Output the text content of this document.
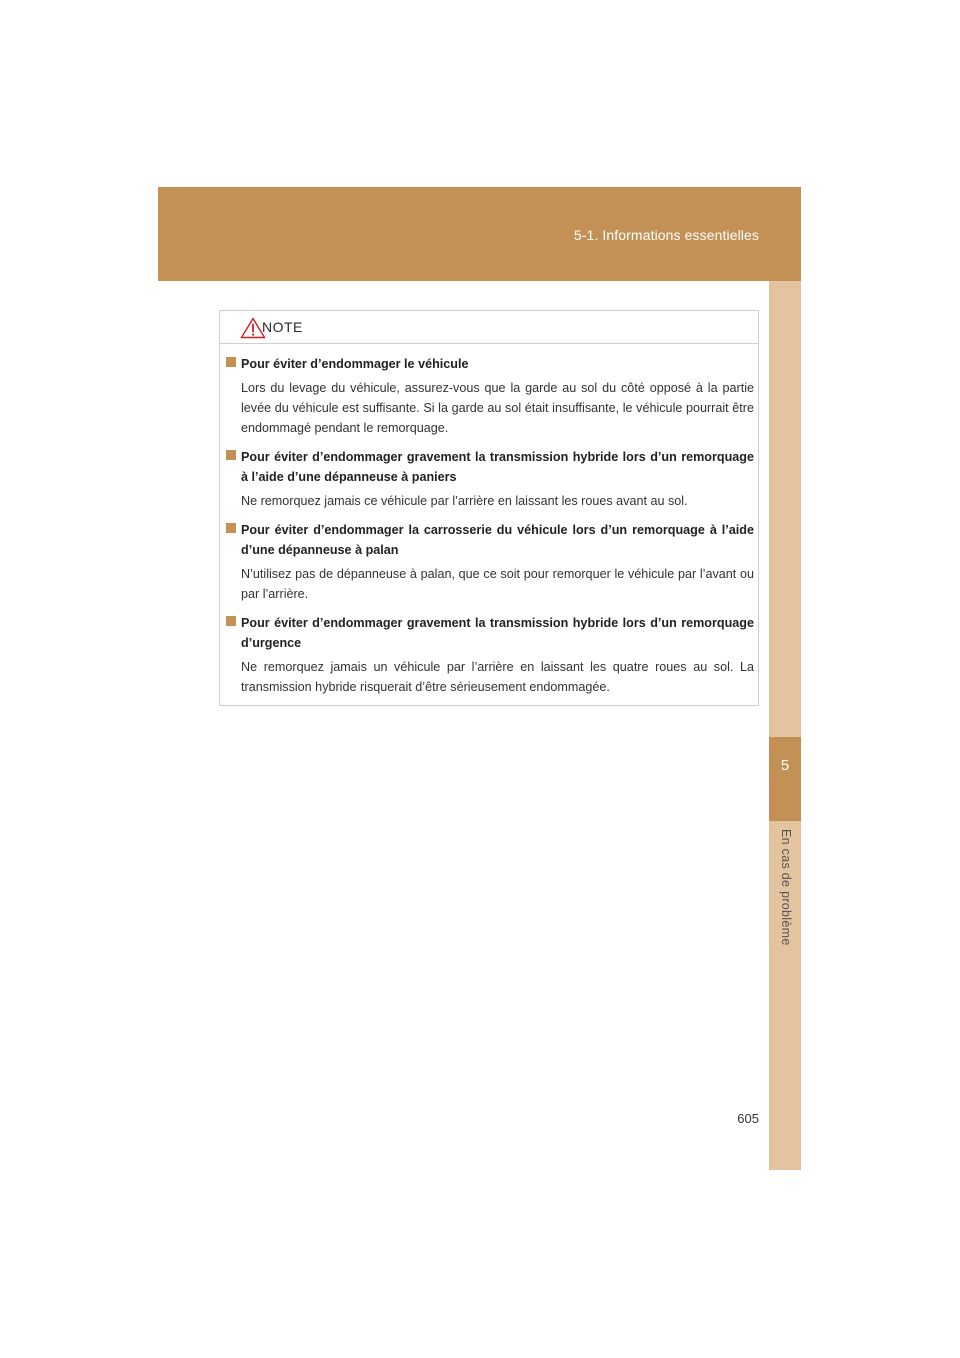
5-1. Informations essentielles
5
En cas de problème
NOTE
Pour éviter d’endommager le véhicule
Lors du levage du véhicule, assurez-vous que la garde au sol du côté opposé à la partie levée du véhicule est suffisante. Si la garde au sol était insuffisante, le véhicule pourrait être endommagé pendant le remorquage.
Pour éviter d’endommager gravement la transmission hybride lors d’un remorquage à l’aide d’une dépanneuse à paniers
Ne remorquez jamais ce véhicule par l’arrière en laissant les roues avant au sol.
Pour éviter d’endommager la carrosserie du véhicule lors d’un remorquage à l’aide d’une dépanneuse à palan
N’utilisez pas de dépanneuse à palan, que ce soit pour remorquer le véhicule par l’avant ou par l’arrière.
Pour éviter d’endommager gravement la transmission hybride lors d’un remorquage d’urgence
Ne remorquez jamais un véhicule par l’arrière en laissant les quatre roues au sol. La transmission hybride risquerait d’être sérieusement endommagée.
605
